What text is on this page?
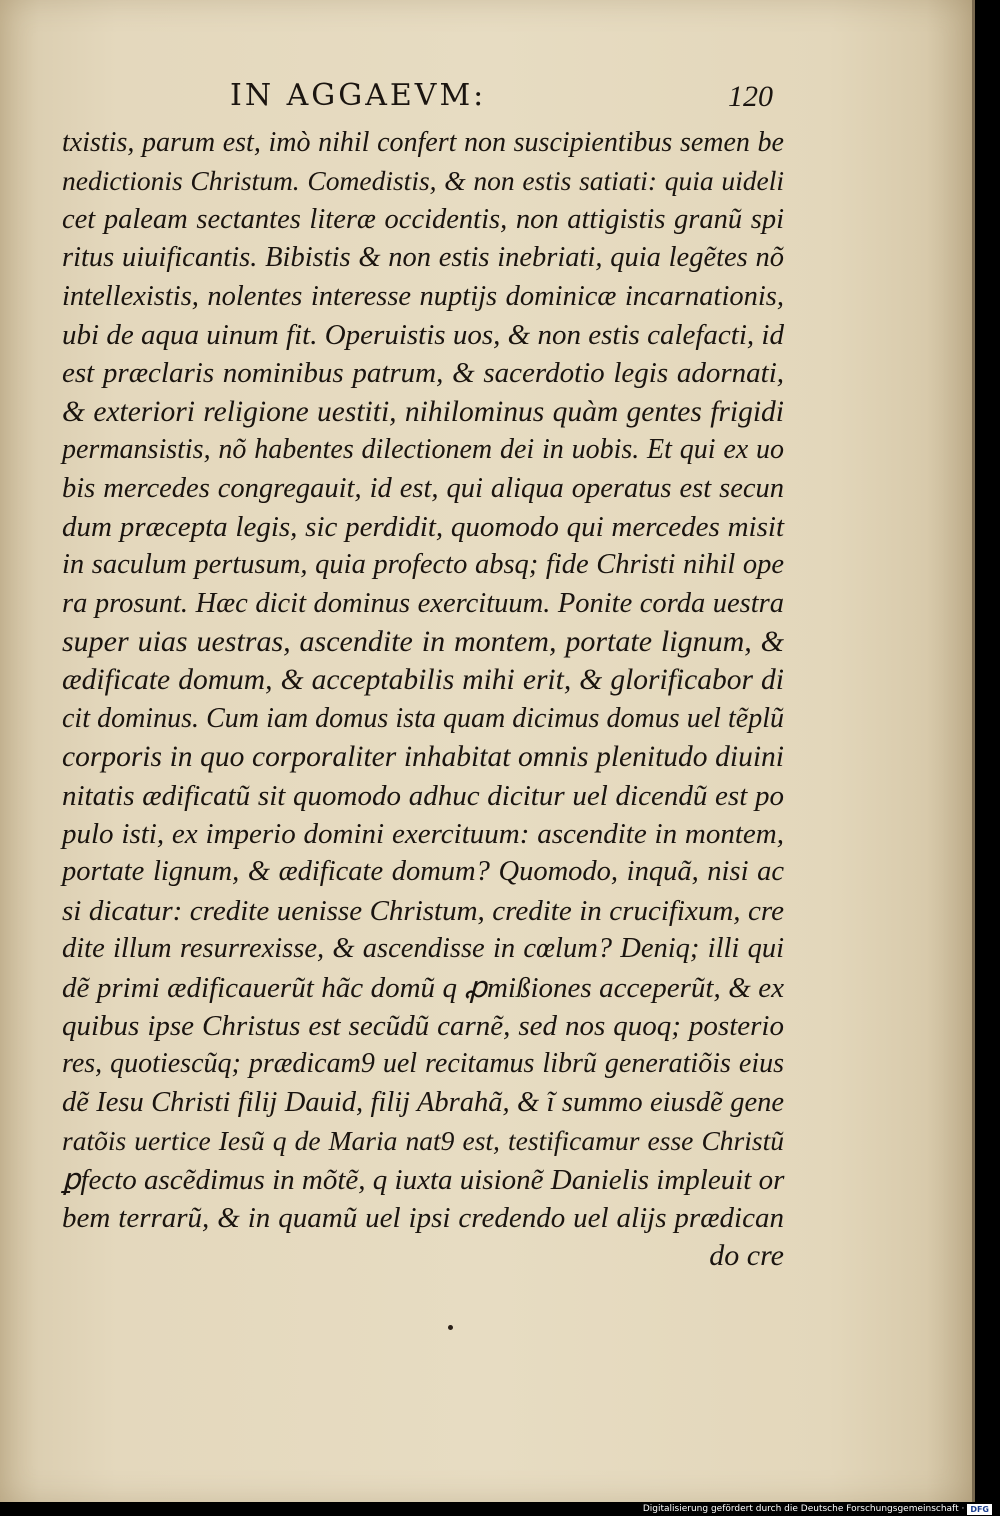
IN AGGAEVM:	120
txistis, parum est, imò nihil confert non suscipientibus semen be
nedictionis Christum. Comedistis, & non estis satiati: quia uideli
cet paleam sectantes literæ occidentis, non attigistis granũ spi
ritus uiuificantis. Bibistis & non estis inebriati, quia legẽtes nõ
intellexistis, nolentes interesse nuptijs dominicæ incarnationis,
ubi de aqua uinum fit. Operuistis uos, & non estis calefacti, id
est præclaris nominibus patrum, & sacerdotio legis adornati,
& exteriori religione uestiti, nihilominus quàm gentes frigidi
permansistis, nõ habentes dilectionem dei in uobis. Et qui ex uo
bis mercedes congregauit, id est, qui aliqua operatus est secun
dum præcepta legis, sic perdidit, quomodo qui mercedes misit
in saculum pertusum, quia profecto absq; fide Christi nihil ope
ra prosunt. Hæc dicit dominus exercituum. Ponite corda uestra
super uias uestras, ascendite in montem, portate lignum, &
ædificate domum, & acceptabilis mihi erit, & glorificabor di
cit dominus. Cum iam domus ista quam dicimus domus uel tẽplũ
corporis in quo corporaliter inhabitat omnis plenitudo diuini
nitatis ædificatũ sit quomodo adhuc dicitur uel dicendũ est po
pulo isti, ex imperio domini exercituum: ascendite in montem,
portate lignum, & ædificate domum? Quomodo, inquã, nisi ac
si dicatur: credite uenisse Christum, credite in crucifixum, cre
dite illum resurrexisse, & ascendisse in cœlum? Deniq; illi qui
dẽ primi ædificauerũt hãc domũ q ꝓmißiones acceperũt, & ex
quibus ipse Christus est secũdũ carnẽ, sed nos quoq; posterio
res, quotiescũq; prædicam9 uel recitamus librũ generatiõis eius
dẽ Iesu Christi filij Dauid, filij Abrahã, & ĩ summo eiusdẽ gene
ratõis uertice Iesũ q de Maria nat9 est, testificamur esse Christũ
ꝑfecto ascẽdimus in mõtẽ, q iuxta uisionẽ Danielis impleuit or
bem terrarũ, & in quamũ uel ipsi credendo uel alijs prædican
do cre
Digitalisierung gefördert durch die Deutsche Forschungsgemeinschaft · DFG
